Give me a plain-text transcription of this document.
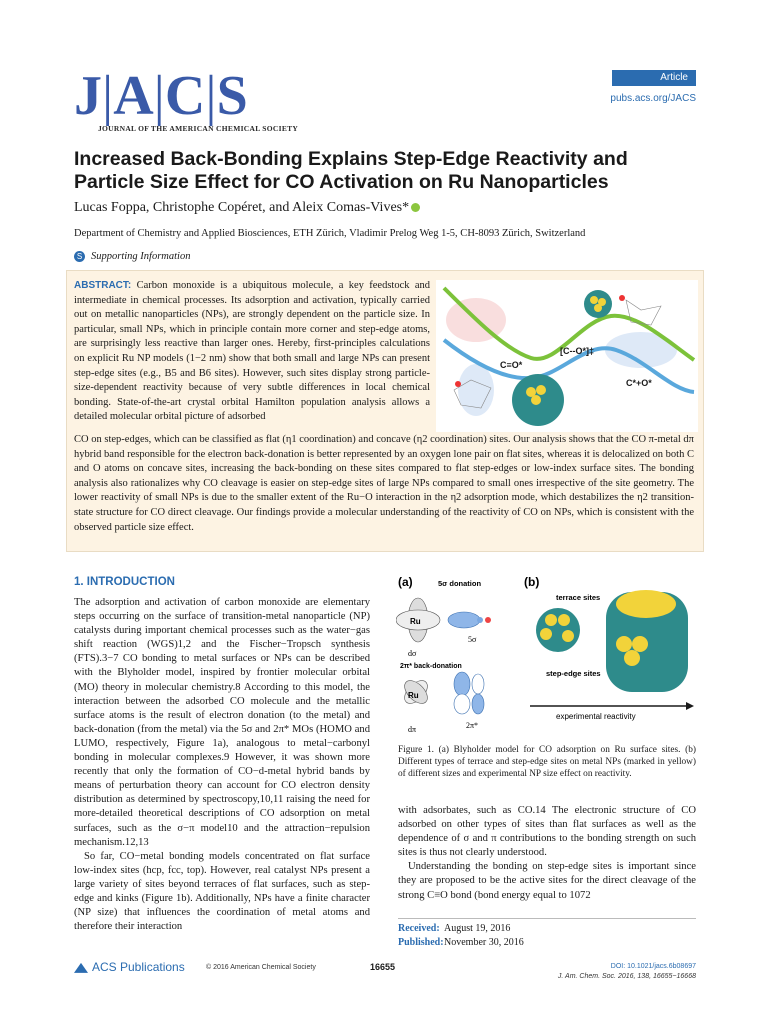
J|A|C|S
JOURNAL OF THE AMERICAN CHEMICAL SOCIETY
Article
pubs.acs.org/JACS
Increased Back-Bonding Explains Step-Edge Reactivity and Particle Size Effect for CO Activation on Ru Nanoparticles
Lucas Foppa, Christophe Copéret, and Aleix Comas-Vives*
Department of Chemistry and Applied Biosciences, ETH Zürich, Vladimir Prelog Weg 1-5, CH-8093 Zürich, Switzerland
S Supporting Information
ABSTRACT: Carbon monoxide is a ubiquitous molecule, a key feedstock and intermediate in chemical processes. Its adsorption and activation, typically carried out on metallic nanoparticles (NPs), are strongly dependent on the particle size. In particular, small NPs, which in principle contain more corner and step-edge atoms, are surprisingly less reactive than larger ones. Hereby, first-principles calculations on explicit Ru NP models (1−2 nm) show that both small and large NPs can present step-edge sites (e.g., B5 and B6 sites). However, such sites display strong particle-size-dependent reactivity because of very subtle differences in local chemical bonding. State-of-the-art crystal orbital Hamilton population analysis allows a detailed molecular orbital picture of adsorbed
[C--O*]‡
C≡O*
C*+O*
CO on step-edges, which can be classified as flat (η1 coordination) and concave (η2 coordination) sites. Our analysis shows that the CO π-metal dπ hybrid band responsible for the electron back-donation is better represented by an oxygen lone pair on flat sites, whereas it is delocalized on both C and O atoms on concave sites, increasing the back-bonding on these sites compared to flat step-edges or low-index surface sites. The bonding analysis also rationalizes why CO cleavage is easier on step-edge sites of large NPs compared to small ones irrespective of the site geometry. The lower reactivity of small NPs is due to the smaller extent of the Ru−O interaction in the η2 adsorption mode, which destabilizes the η2 transition-state structure for CO direct cleavage. Our findings provide a molecular understanding of the reactivity of CO on NPs, which is consistent with the observed particle size effect.
1. INTRODUCTION
The adsorption and activation of carbon monoxide are elementary steps occurring on the surface of transition-metal nanoparticle (NP) catalysts during important chemical processes such as the water−gas shift reaction (WGS)1,2 and the Fischer−Tropsch synthesis (FTS).3−7 CO bonding to metal surfaces or NPs can be described with the Blyholder model, inspired by frontier molecular orbital (MO) theory in molecular chemistry.8 According to this model, the interaction between the adsorbed CO molecule and the metallic surface atoms is the result of electron donation (to the metal) and back-donation (from the metal) via the 5σ and 2π* MOs (HOMO and LUMO, respectively, Figure 1a), analogous to metal−carbonyl bonding in molecular complexes.9 However, it was shown more recently that only the formation of CO−d-metal hybrid bands by means of perturbation theory can account for CO electron density distribution as determined by spectroscopy,10,11 raising the need for more-detailed theoretical descriptions of CO adsorption on metal surfaces, such as the σ−π model10 and the attraction−repulsion mechanism.12,13
So far, CO−metal bonding models concentrated on flat surface low-index sites (hcp, fcc, top). However, real catalyst NPs present a large variety of sites beyond terraces of flat surfaces, such as step-edge and kinks (Figure 1b). Additionally, NPs have a finite character (NP size) that influences the coordination of metal atoms and therefore their interaction
(a)	(b)
5σ donation
Ru
dσ
5σ
2π* back-donation
Ru
dπ	2π*
terrace sites
step-edge sites
experimental reactivity
Figure 1. (a) Blyholder model for CO adsorption on Ru surface sites. (b) Different types of terrace and step-edge sites on metal NPs (marked in yellow) of different sizes and experimental NP size effect on reactivity.
with adsorbates, such as CO.14 The electronic structure of CO adsorbed on other types of sites than flat surfaces as well as the dependence of σ and π contributions to the bonding strength on such sites is thus not clearly understood.
Understanding the bonding on step-edge sites is important since they are proposed to be the active sites for the direct cleavage of the strong C≡O bond (bond energy equal to 1072
Received: August 19, 2016
Published:November 30, 2016
ACS Publications	© 2016 American Chemical Society	16655	DOI: 10.1021/jacs.6b08697
J. Am. Chem. Soc. 2016, 138, 16655−16668
